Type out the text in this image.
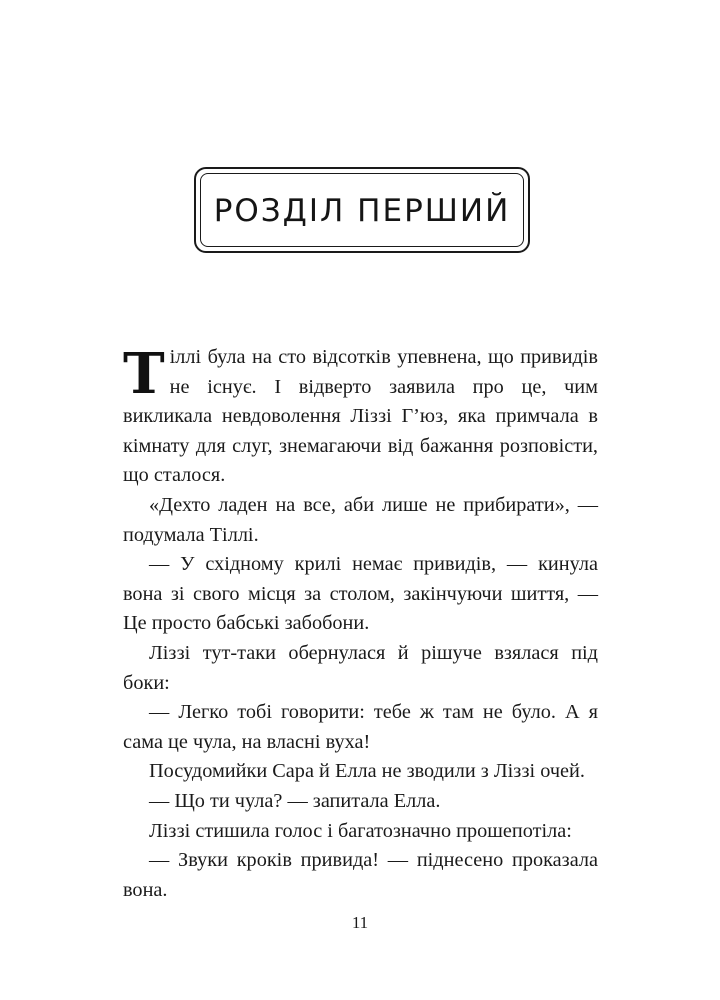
РОЗДІЛ ПЕРШИЙ

Тіллі була на сто відсотків упевнена, що привидів не існує. І відверто заявила про це, чим викликала невдоволення Ліззі Г’юз, яка примчала в кімнату для слуг, знемагаючи від бажання розповісти, що сталося.

«Дехто ладен на все, аби лише не прибирати», — подумала Тіллі.

— У східному крилі немає привидів, — кинула вона зі свого місця за столом, закінчуючи шиття, — Це просто бабські забобони.

Ліззі тут-таки обернулася й рішуче взялася під боки:

— Легко тобі говорити: тебе ж там не було. А я сама це чула, на власні вуха!

Посудомийки Сара й Елла не зводили з Ліззі очей.

— Що ти чула? — запитала Елла.

Ліззі стишила голос і багатозначно прошепотіла:

— Звуки кроків привида! — піднесено проказала вона.

11
